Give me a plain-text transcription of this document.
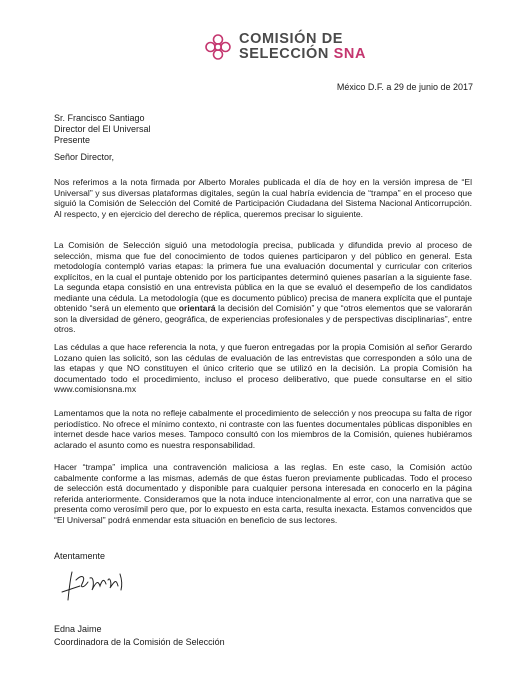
COMISIÓN DE
SELECCIÓN SNA
México D.F. a 29 de junio de 2017
Sr. Francisco Santiago
Director del El Universal
Presente
Señor Director,

Nos referimos a la nota firmada por Alberto Morales publicada el día de hoy en la versión impresa de “El Universal” y sus diversas plataformas digitales, según la cual habría evidencia de “trampa” en el proceso que siguió la Comisión de Selección del Comité de Participación Ciudadana del Sistema Nacional Anticorrupción. Al respecto, y en ejercicio del derecho de réplica, queremos precisar lo siguiente.

La Comisión de Selección siguió una metodología precisa, publicada y difundida previo al proceso de selección, misma que fue del conocimiento de todos quienes participaron y del público en general. Esta metodología contempló varias etapas: la primera fue una evaluación documental y curricular con criterios explícitos, en la cual el puntaje obtenido por los participantes determinó quienes pasarían a la siguiente fase. La segunda etapa consistió en una entrevista pública en la que se evaluó el desempeño de los candidatos mediante una cédula. La metodología (que es documento público) precisa de manera explícita que el puntaje obtenido “será un elemento que orientará la decisión del Comisión” y que “otros elementos que se valorarán son la diversidad de género, geográfica, de experiencias profesionales y de perspectivas disciplinarias”, entre otros.

Las cédulas a que hace referencia la nota, y que fueron entregadas por la propia Comisión al señor Gerardo Lozano quien las solicitó, son las cédulas de evaluación de las entrevistas que corresponden a sólo una de las etapas y que NO constituyen el único criterio que se utilizó en la decisión. La propia Comisión ha documentado todo el procedimiento, incluso el proceso deliberativo, que puede consultarse en el sitio www.comisionsna.mx

Lamentamos que la nota no refleje cabalmente el procedimiento de selección y nos preocupa su falta de rigor periodístico. No ofrece el mínimo contexto, ni contraste con las fuentes documentales públicas disponibles en internet desde hace varios meses. Tampoco consultó con los miembros de la Comisión, quienes hubiéramos aclarado el asunto como es nuestra responsabilidad.

Hacer “trampa” implica una contravención maliciosa a las reglas. En este caso, la Comisión actúo cabalmente conforme a las mismas, además de que éstas fueron previamente publicadas. Todo el proceso de selección está documentado y disponible para cualquier persona interesada en conocerlo en la página referida anteriormente. Consideramos que la nota induce intencionalmente al error, con una narrativa que se presenta como verosímil pero que, por lo expuesto en esta carta, resulta inexacta. Estamos convencidos que “El Universal” podrá enmendar esta situación en beneficio de sus lectores.

Atentamente
Edna Jaime
Coordinadora de la Comisión de Selección
